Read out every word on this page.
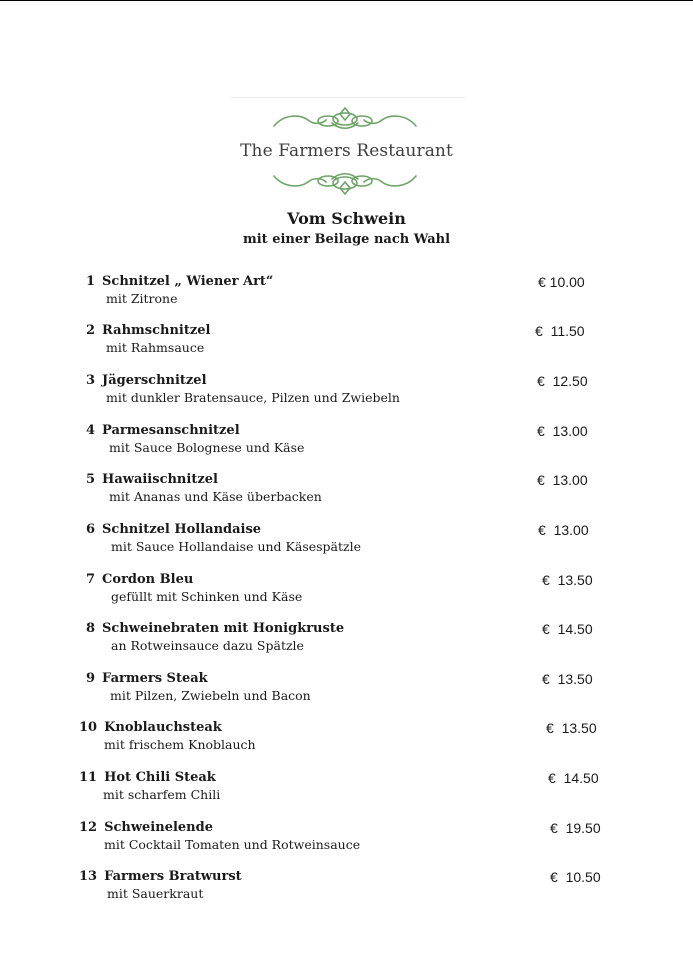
The Farmers Restaurant
Vom Schwein
mit einer Beilage nach Wahl
1 Schnitzel „ Wiener Art“
mit Zitrone
€ 10.00
2 Rahmschnitzel
mit Rahmsauce
€  11.50
3 Jägerschnitzel
mit dunkler Bratensauce, Pilzen und Zwiebeln
€  12.50
4 Parmesanschnitzel
mit Sauce Bolognese und Käse
€  13.00
5 Hawaiischnitzel
mit Ananas und Käse überbacken
€  13.00
6 Schnitzel Hollandaise
mit Sauce Hollandaise und Käsespätzle
€  13.00
7 Cordon Bleu
gefüllt mit Schinken und Käse
€  13.50
8 Schweinebraten mit Honigkruste
an Rotweinsauce dazu Spätzle
€  14.50
9 Farmers Steak
mit Pilzen, Zwiebeln und Bacon
€  13.50
10 Knoblauchsteak
mit frischem Knoblauch
€  13.50
11 Hot Chili Steak
mit scharfem Chili
€  14.50
12 Schweinelende
mit Cocktail Tomaten und Rotweinsauce
€  19.50
13 Farmers Bratwurst
mit Sauerkraut
€  10.50
